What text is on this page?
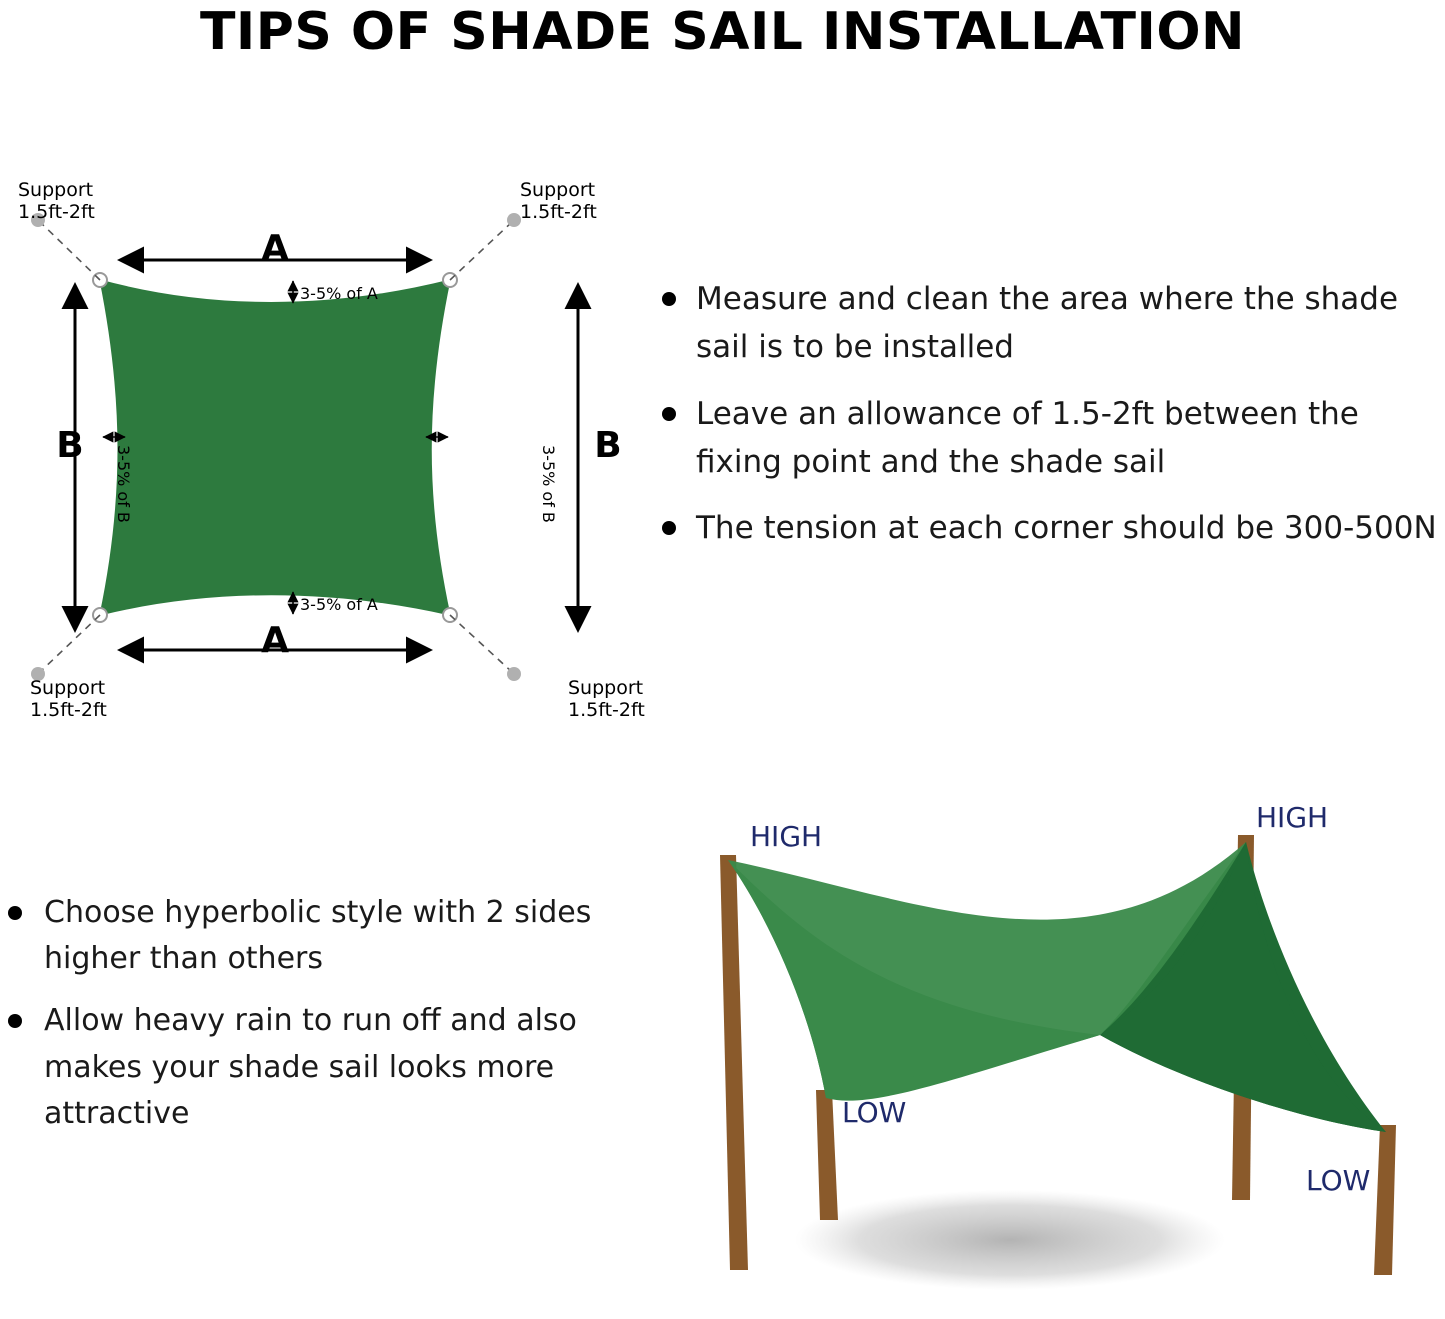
TIPS OF SHADE SAIL INSTALLATION
A
A
B	B
3-5% of A
3-5% of A
3-5% of B	3-5% of B
Support
1.5ft-2ft
Support
1.5ft-2ft
Support
1.5ft-2ft
Support
1.5ft-2ft
Measure and clean the area where the shade sail is to be installed
Leave an allowance of 1.5-2ft between the fixing point and the shade sail
The tension at each corner should be 300-500N
Choose hyperbolic style with 2 sides higher than others
Allow heavy rain to run off and also makes your shade sail looks more attractive
HIGH
HIGH
LOW
LOW
